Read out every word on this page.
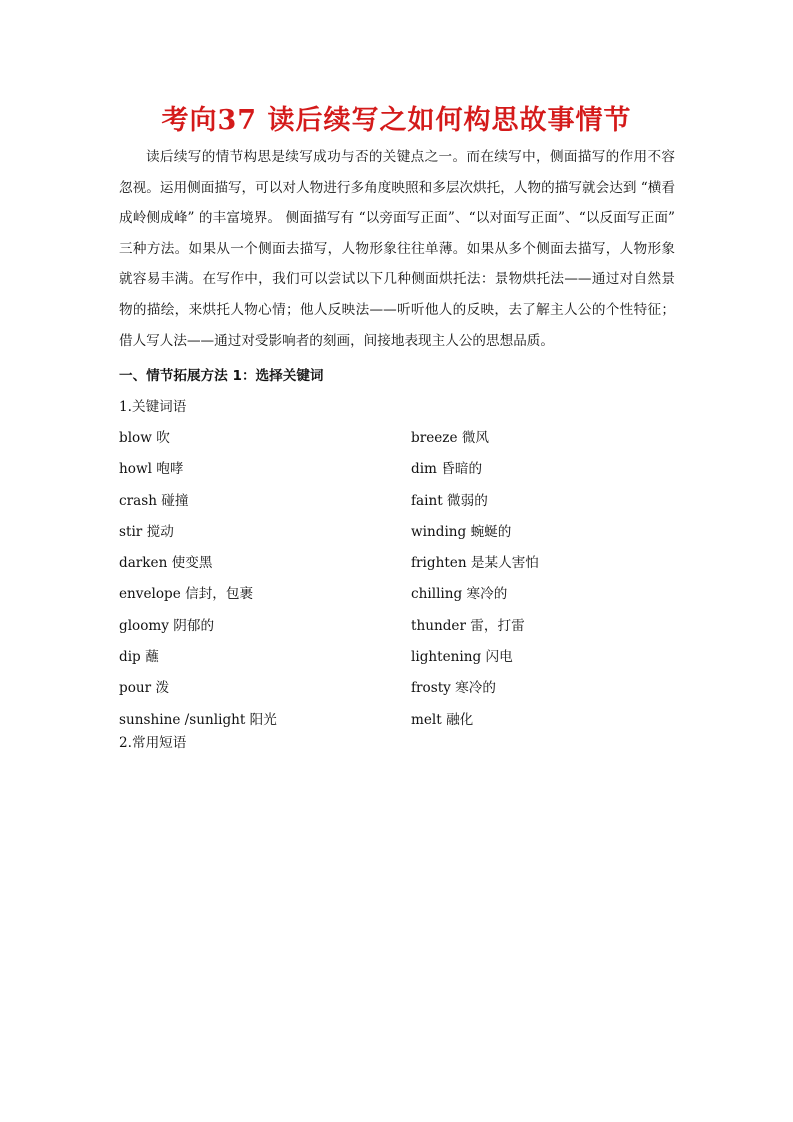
考向37 读后续写之如何构思故事情节

读后续写的情节构思是续写成功与否的关键点之一。而在续写中，侧面描写的作用不容忽视。运用侧面描写，可以对人物进行多角度映照和多层次烘托，人物的描写就会达到 “横看成岭侧成峰” 的丰富境界。 侧面描写有 “以旁面写正面”、“以对面写正面”、“以反面写正面” 三种方法。如果从一个侧面去描写，人物形象往往单薄。如果从多个侧面去描写，人物形象就容易丰满。在写作中，我们可以尝试以下几种侧面烘托法：景物烘托法——通过对自然景物的描绘，来烘托人物心情；他人反映法——听听他人的反映，去了解主人公的个性特征；借人写人法——通过对受影响者的刻画，间接地表现主人公的思想品质。

一、情节拓展方法 1：选择关键词
1.关键词语
blow 吹	breeze 微风
howl 咆哮	dim 昏暗的
crash 碰撞	faint 微弱的
stir 搅动	winding 蜿蜒的
darken 使变黑	frighten 是某人害怕
envelope 信封，包裹	chilling 寒冷的
gloomy 阴郁的	thunder 雷，打雷
dip 蘸	lightening 闪电
pour 泼	frosty 寒冷的
sunshine /sunlight 阳光	melt 融化
2.常用短语
